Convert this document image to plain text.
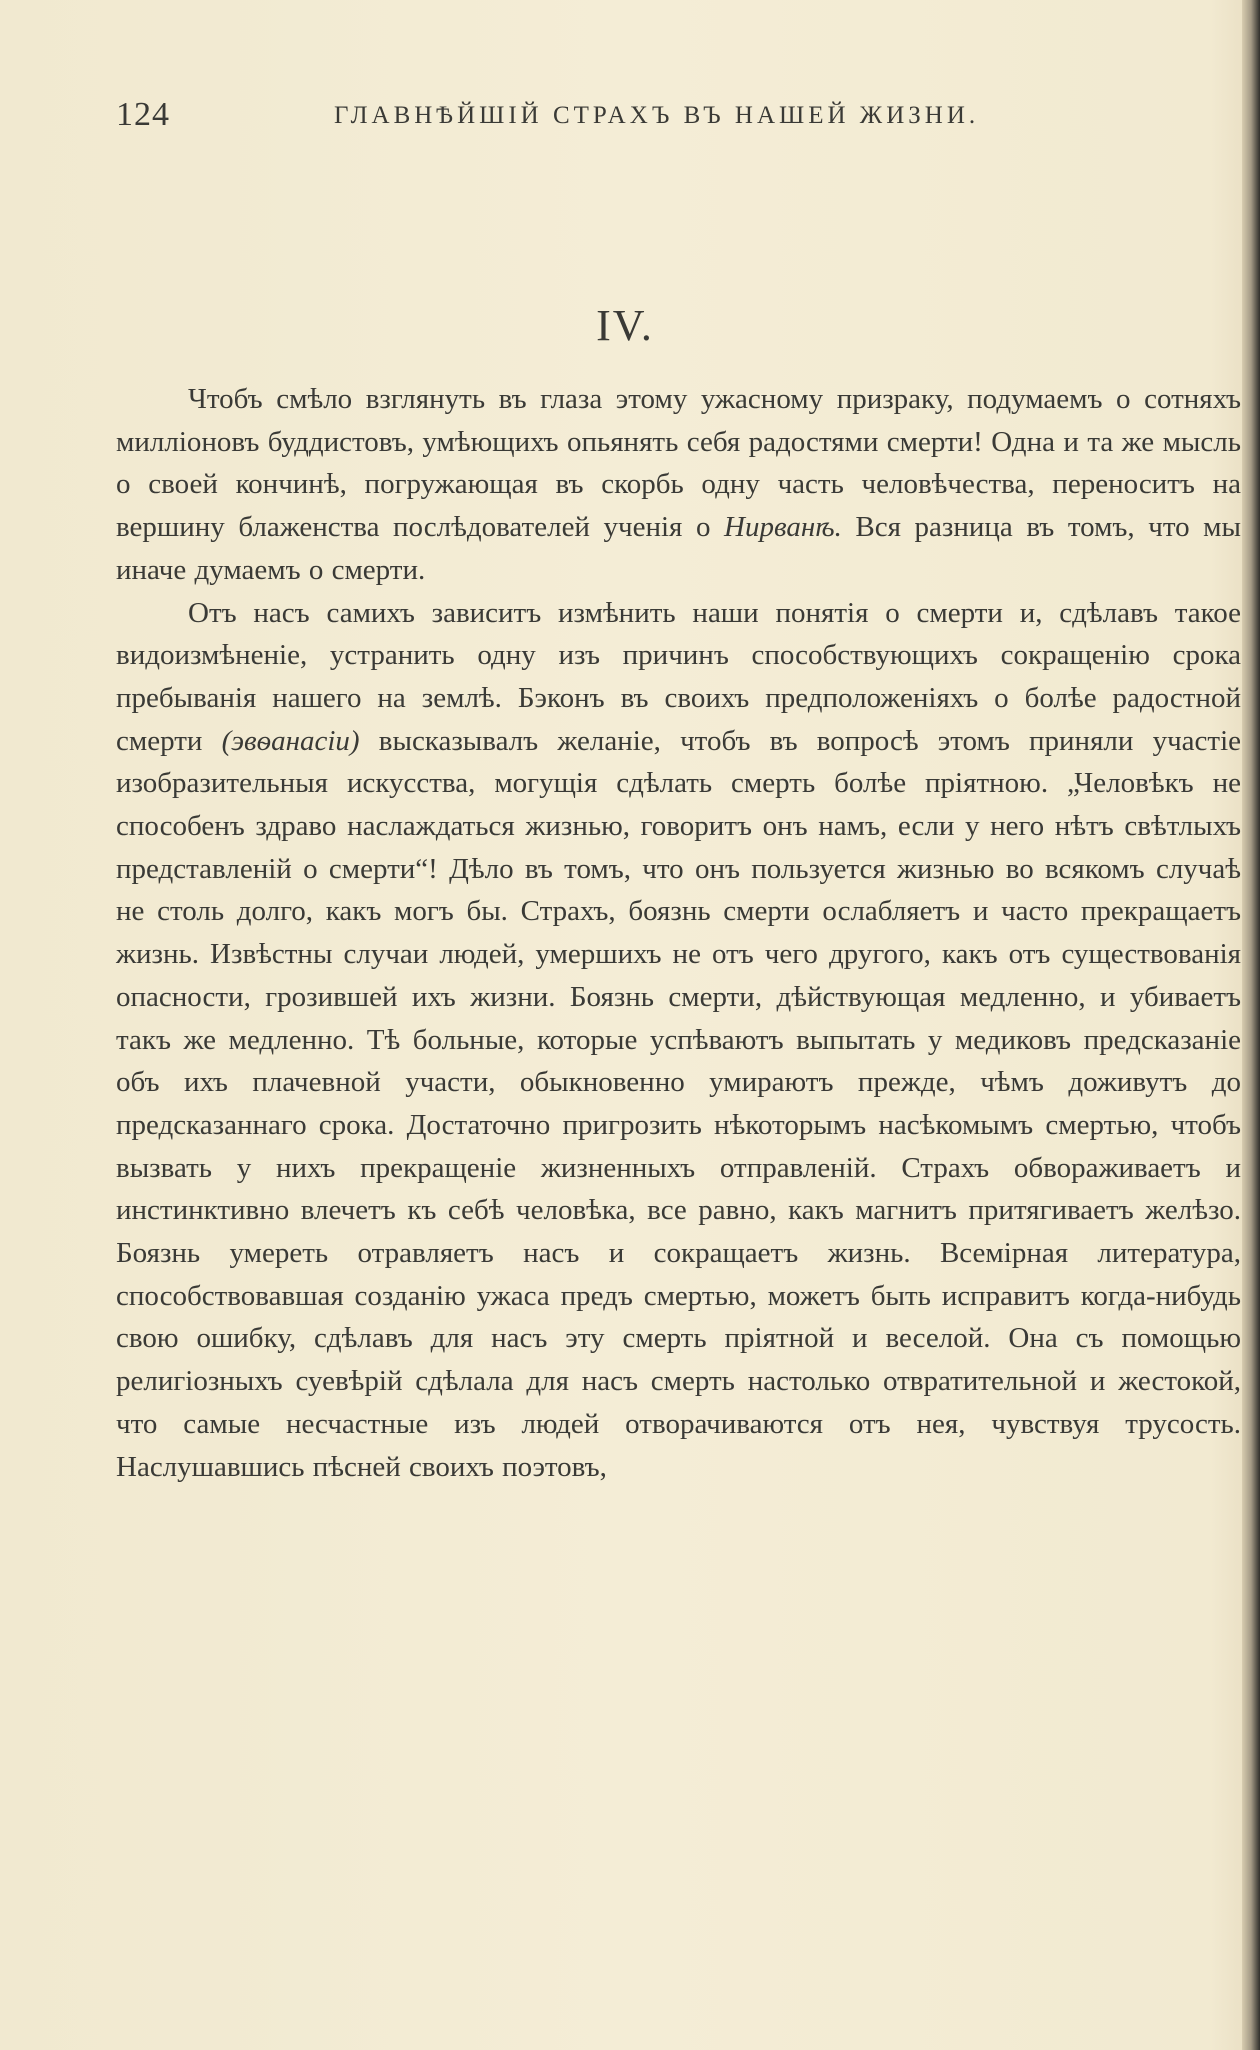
124	ГЛАВНѢЙШІЙ СТРАХЪ ВЪ НАШЕЙ ЖИЗНИ.
IV.

Чтобъ смѣло взглянуть въ глаза этому ужасному призраку, подумаемъ о сотняхъ милліоновъ буддистовъ, умѣющихъ опьянять себя радостями смерти! Одна и та же мысль о своей кончинѣ, погружающая въ скорбь одну часть человѣчества, переноситъ на вершину блаженства послѣдователей ученія о Нирванѣ. Вся разница въ томъ, что мы иначе думаемъ о смерти.

Отъ насъ самихъ зависитъ измѣнить наши понятія о смерти и, сдѣлавъ такое видоизмѣненіе, устранить одну изъ причинъ способствующихъ сокращенію срока пребыванія нашего на землѣ. Бэконъ въ своихъ предположеніяхъ о болѣе радостной смерти (эвѳанасіи) высказывалъ желаніе, чтобъ въ вопросѣ этомъ приняли участіе изобразительныя искусства, могущія сдѣлать смерть болѣе пріятною. „Человѣкъ не способенъ здраво наслаждаться жизнью, говоритъ онъ намъ, если у него нѣтъ свѣтлыхъ представленій о смерти“! Дѣло въ томъ, что онъ пользуется жизнью во всякомъ случаѣ не столь долго, какъ могъ бы. Страхъ, боязнь смерти ослабляетъ и часто прекращаетъ жизнь. Извѣстны случаи людей, умершихъ не отъ чего другого, какъ отъ существованія опасности, грозившей ихъ жизни. Боязнь смерти, дѣйствующая медленно, и убиваетъ такъ же медленно. Тѣ больные, которые успѣваютъ выпытать у медиковъ предсказаніе объ ихъ плачевной участи, обыкновенно умираютъ прежде, чѣмъ доживутъ до предсказаннаго срока. Достаточно пригрозить нѣкоторымъ насѣкомымъ смертью, чтобъ вызвать у нихъ прекращеніе жизненныхъ отправленій. Страхъ обвораживаетъ и инстинктивно влечетъ къ себѣ человѣка, все равно, какъ магнитъ притягиваетъ желѣзо. Боязнь умереть отравляетъ насъ и сокращаетъ жизнь. Всемірная литература, способствовавшая созданію ужаса предъ смертью, можетъ быть исправитъ когда-нибудь свою ошибку, сдѣлавъ для насъ эту смерть пріятной и веселой. Она съ помощью религіозныхъ суевѣрій сдѣлала для насъ смерть настолько отвратительной и жестокой, что самые несчастные изъ людей отворачиваются отъ нея, чувствуя трусость. Наслушавшись пѣсней своихъ поэтовъ,
